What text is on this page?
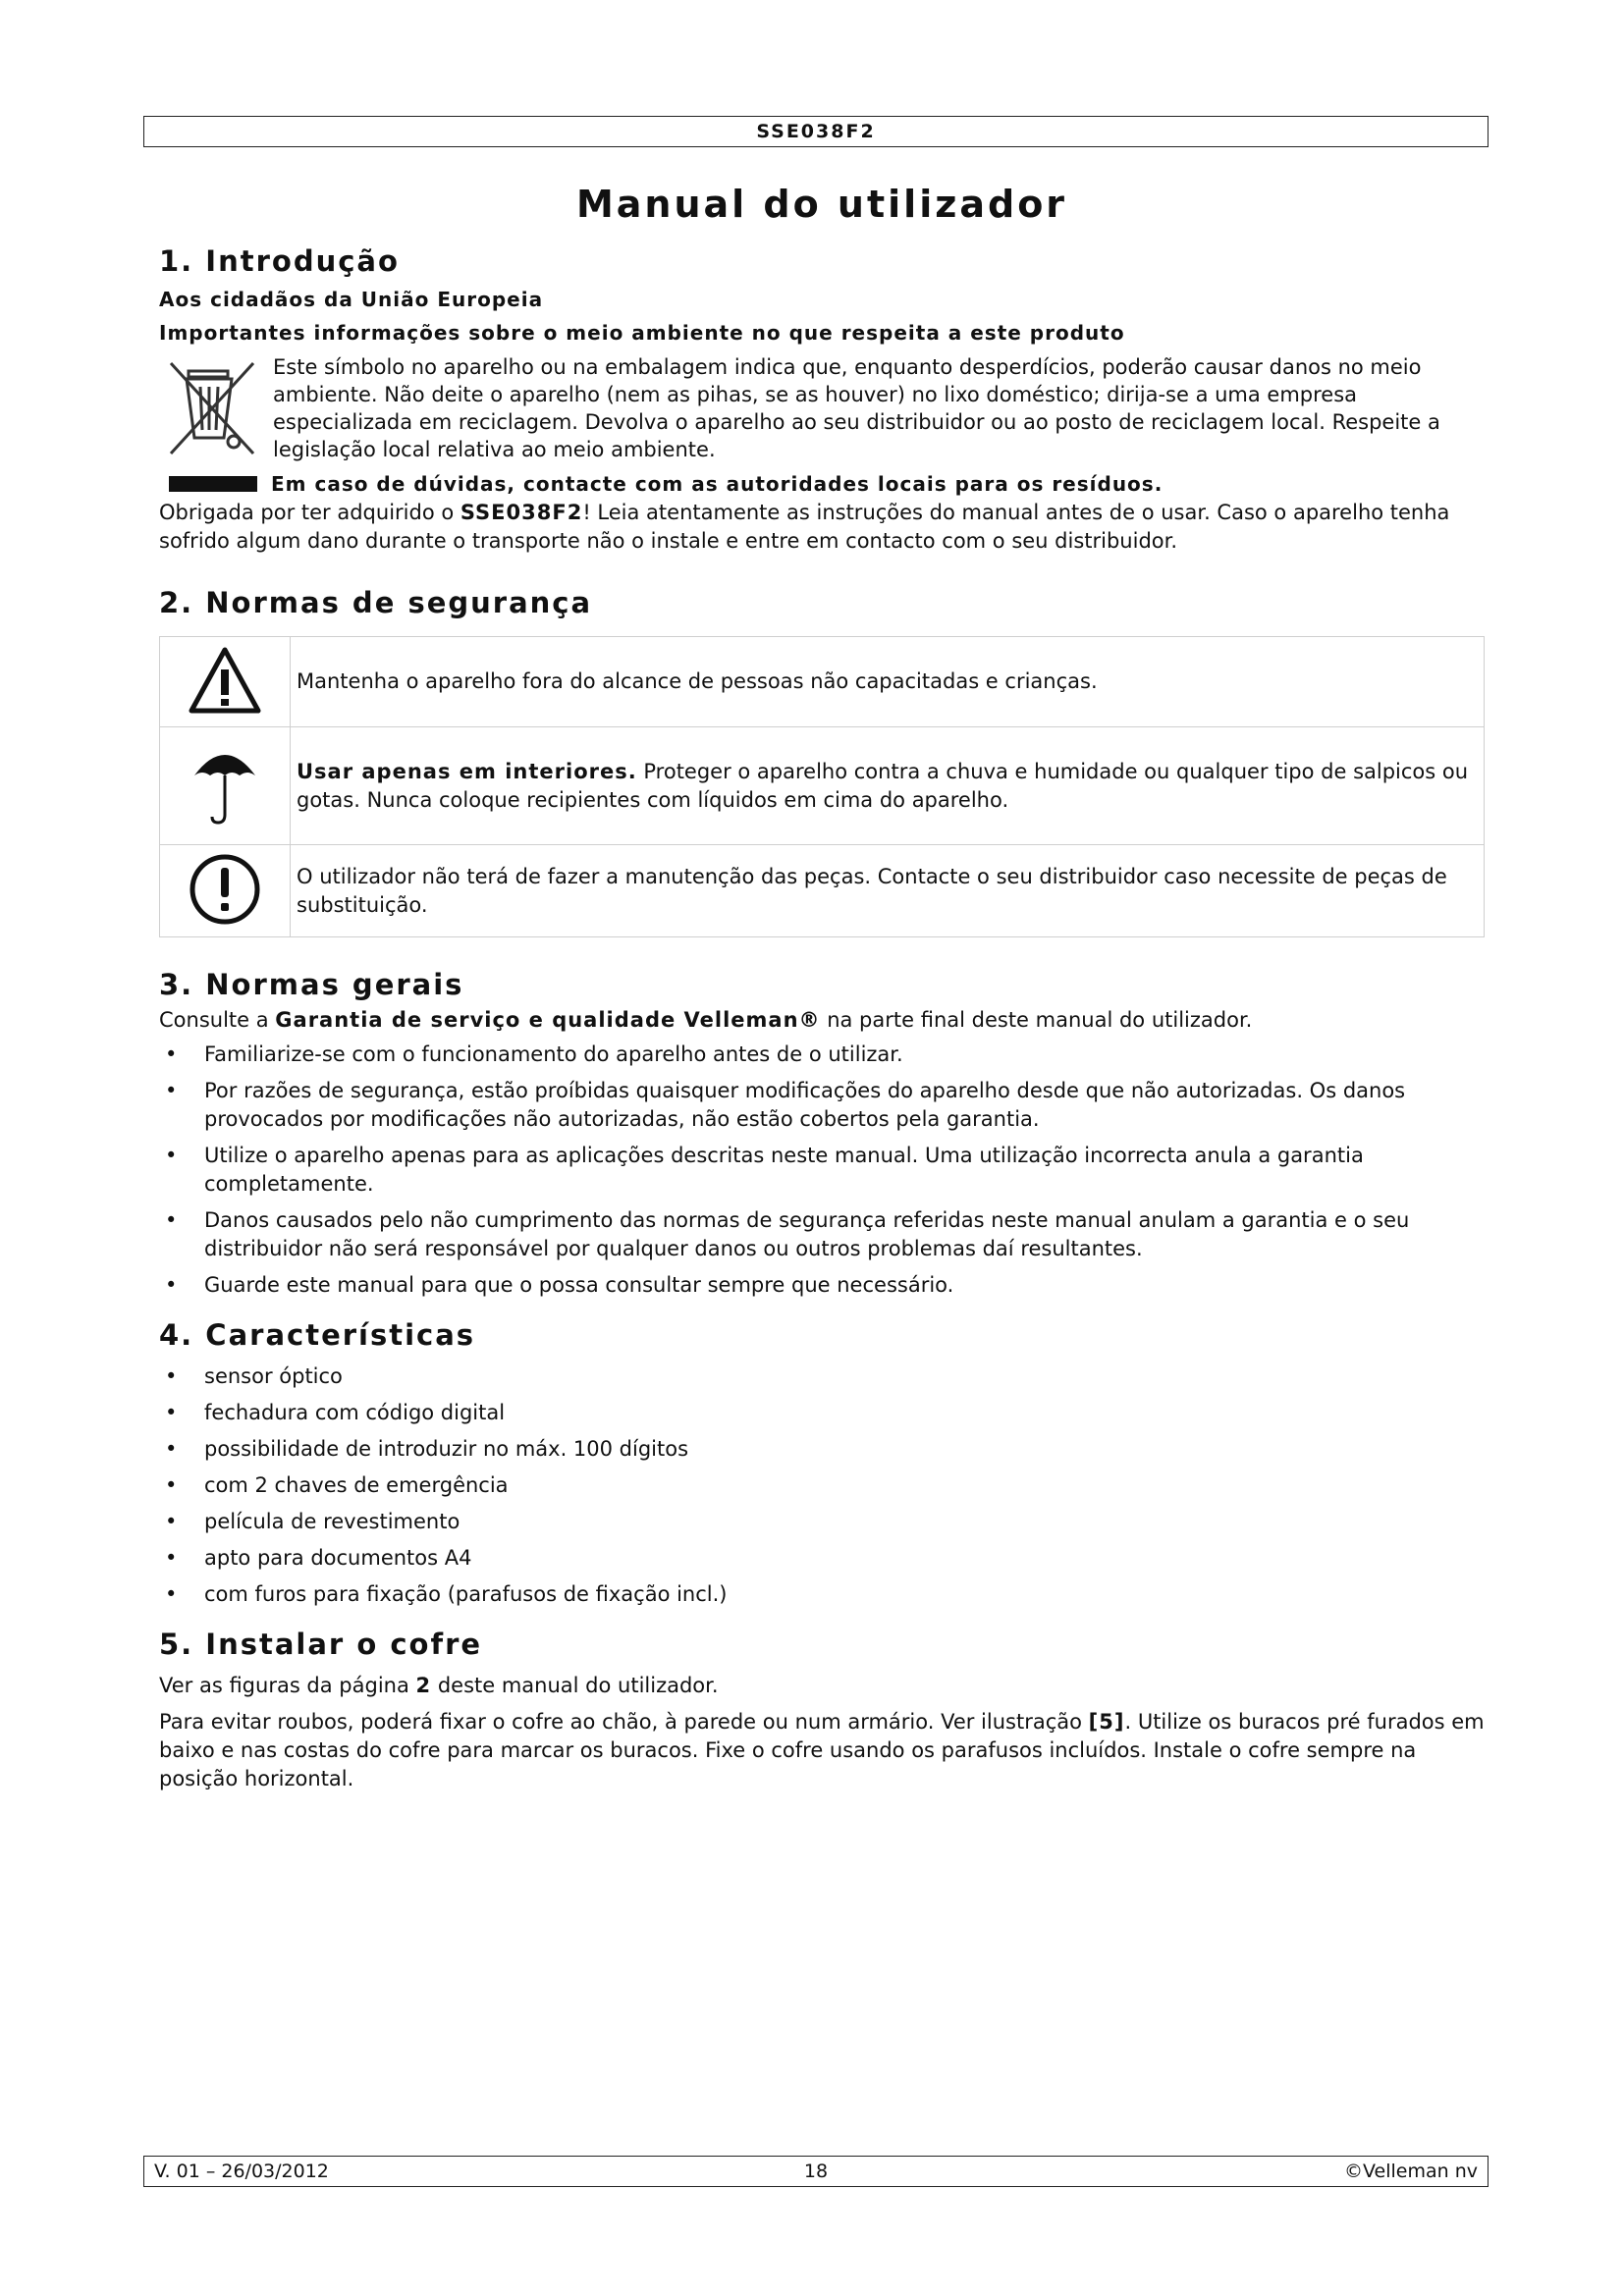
SSE038F2
Manual do utilizador
1. Introdução
Aos cidadãos da União Europeia
Importantes informações sobre o meio ambiente no que respeita a este produto
Este símbolo no aparelho ou na embalagem indica que, enquanto desperdícios, poderão causar danos no meio ambiente. Não deite o aparelho (nem as pihas, se as houver) no lixo doméstico; dirija-se a uma empresa especializada em reciclagem. Devolva o aparelho ao seu distribuidor ou ao posto de reciclagem local. Respeite a legislação local relativa ao meio ambiente.
Em caso de dúvidas, contacte com as autoridades locais para os resíduos.

Obrigada por ter adquirido o SSE038F2! Leia atentamente as instruções do manual antes de o usar. Caso o aparelho tenha sofrido algum dano durante o transporte não o instale e entre em contacto com o seu distribuidor.

2. Normas de segurança
	Mantenha o aparelho fora do alcance de pessoas não capacitadas e crianças.
	Usar apenas em interiores. Proteger o aparelho contra a chuva e humidade ou qualquer tipo de salpicos ou gotas. Nunca coloque recipientes com líquidos em cima do aparelho.
	O utilizador não terá de fazer a manutenção das peças. Contacte o seu distribuidor caso necessite de peças de substituição.
3. Normas gerais

Consulte a Garantia de serviço e qualidade Velleman® na parte final deste manual do utilizador.

• Familiarize-se com o funcionamento do aparelho antes de o utilizar.
• Por razões de segurança, estão proíbidas quaisquer modificações do aparelho desde que não autorizadas. Os danos provocados por modificações não autorizadas, não estão cobertos pela garantia.
• Utilize o aparelho apenas para as aplicações descritas neste manual. Uma utilização incorrecta anula a garantia completamente.
• Danos causados pelo não cumprimento das normas de segurança referidas neste manual anulam a garantia e o seu distribuidor não será responsável por qualquer danos ou outros problemas daí resultantes.
• Guarde este manual para que o possa consultar sempre que necessário.
4. Características
• sensor óptico
• fechadura com código digital
• possibilidade de introduzir no máx. 100 dígitos
• com 2 chaves de emergência
• película de revestimento
• apto para documentos A4
• com furos para fixação (parafusos de fixação incl.)
5. Instalar o cofre

Ver as figuras da página 2 deste manual do utilizador.

Para evitar roubos, poderá fixar o cofre ao chão, à parede ou num armário. Ver ilustração [5]. Utilize os buracos pré furados em baixo e nas costas do cofre para marcar os buracos. Fixe o cofre usando os parafusos incluídos. Instale o cofre sempre na posição horizontal.

V. 01 – 26/03/2012	18	©Velleman nv
